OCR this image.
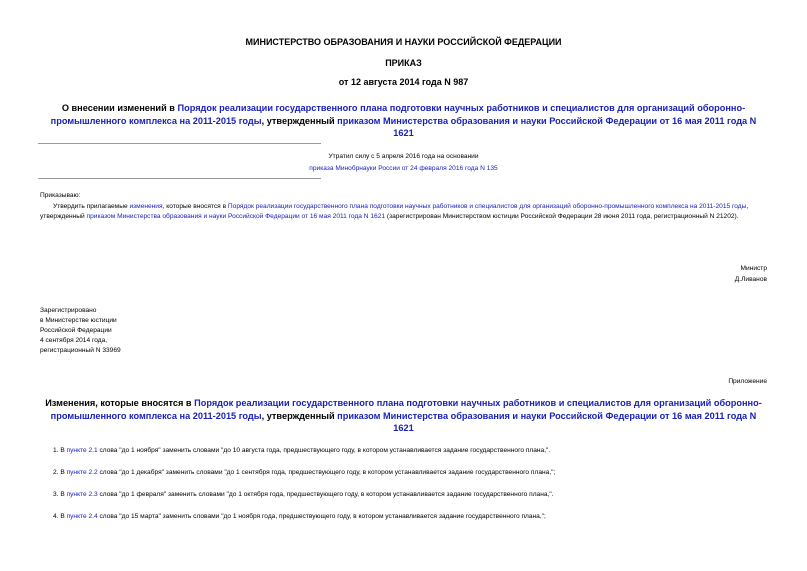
МИНИСТЕРСТВО ОБРАЗОВАНИЯ И НАУКИ РОССИЙСКОЙ ФЕДЕРАЦИИ
ПРИКАЗ
от 12 августа 2014 года N 987
О внесении изменений в Порядок реализации государственного плана подготовки научных работников и специалистов для организаций оборонно-промышленного комплекса на 2011-2015 годы, утвержденный приказом Министерства образования и науки Российской Федерации от 16 мая 2011 года N 1621
Утратил силу с 5 апреля 2016 года на основании
приказа Минобрнауки России от 24 февраля 2016 года N 135
Приказываю:
Утвердить прилагаемые изменения, которые вносятся в Порядок реализации государственного плана подготовки научных работников и специалистов для организаций оборонно-промышленного комплекса на 2011-2015 годы, утвержденный приказом Министерства образования и науки Российской Федерации от 16 мая 2011 года N 1621 (зарегистрирован Министерством юстиции Российской Федерации 28 июня 2011 года, регистрационный N 21202).
Министр
Д.Ливанов
Зарегистрировано
в Министерстве юстиции
Российской Федерации
4 сентября 2014 года,
регистрационный N 33969
Приложение
Изменения, которые вносятся в Порядок реализации государственного плана подготовки научных работников и специалистов для организаций оборонно-промышленного комплекса на 2011-2015 годы, утвержденный приказом Министерства образования и науки Российской Федерации от 16 мая 2011 года N 1621
1. В пункте 2.1 слова "до 1 ноября" заменить словами "до 10 августа года, предшествующего году, в котором устанавливается задание государственного плана,".
2. В пункте 2.2 слова "до 1 декабря" заменить словами "до 1 сентября года, предшествующего году, в котором устанавливается задание государственного плана,";
3. В пункте 2.3 слова "до 1 февраля" заменить словами "до 1 октября года, предшествующего году, в котором устанавливается задание государственного плана,".
4. В пункте 2.4 слова "до 15 марта" заменить словами "до 1 ноября года, предшествующего году, в котором устанавливается задание государственного плана,";
